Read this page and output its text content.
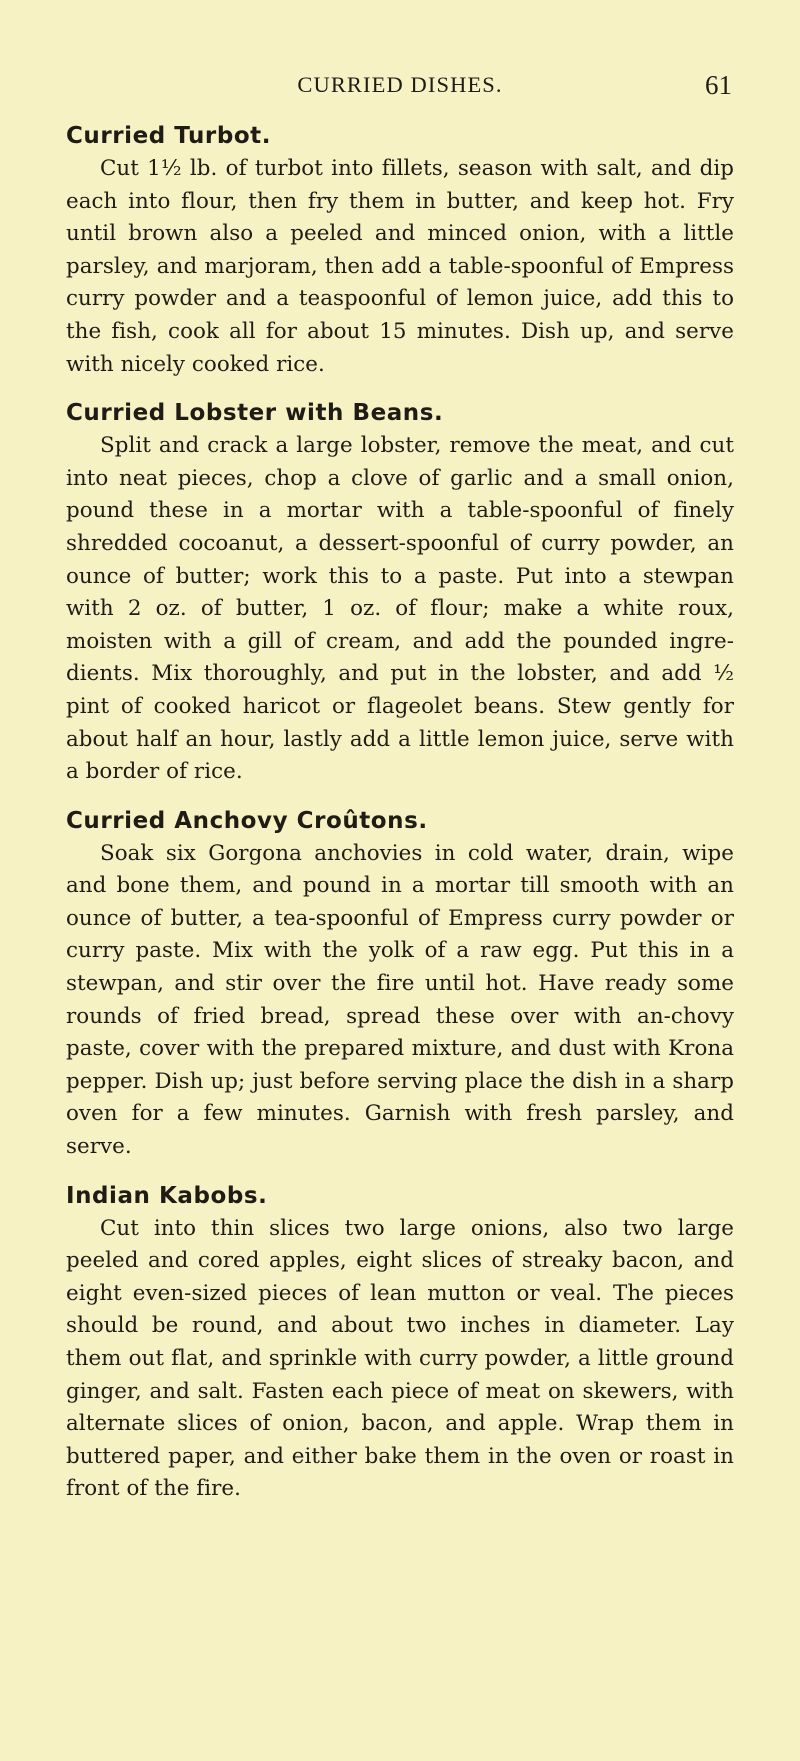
CURRIED DISHES.	61
Curried Turbot.

Cut 1½ lb. of turbot into fillets, season with salt, and dip each into flour, then fry them in butter, and keep hot. Fry until brown also a peeled and minced onion, with a little parsley, and marjoram, then add a table-spoonful of Empress curry powder and a teaspoonful of lemon juice, add this to the fish, cook all for about 15 minutes. Dish up, and serve with nicely cooked rice.

Curried Lobster with Beans.

Split and crack a large lobster, remove the meat, and cut into neat pieces, chop a clove of garlic and a small onion, pound these in a mortar with a table-spoonful of finely shredded cocoanut, a dessert-spoonful of curry powder, an ounce of butter; work this to a paste. Put into a stewpan with 2 oz. of butter, 1 oz. of flour; make a white roux, moisten with a gill of cream, and add the pounded ingre-dients. Mix thoroughly, and put in the lobster, and add ½ pint of cooked haricot or flageolet beans. Stew gently for about half an hour, lastly add a little lemon juice, serve with a border of rice.

Curried Anchovy Croûtons.

Soak six Gorgona anchovies in cold water, drain, wipe and bone them, and pound in a mortar till smooth with an ounce of butter, a tea-spoonful of Empress curry powder or curry paste. Mix with the yolk of a raw egg. Put this in a stewpan, and stir over the fire until hot. Have ready some rounds of fried bread, spread these over with an-chovy paste, cover with the prepared mixture, and dust with Krona pepper. Dish up; just before serving place the dish in a sharp oven for a few minutes. Garnish with fresh parsley, and serve.

Indian Kabobs.

Cut into thin slices two large onions, also two large peeled and cored apples, eight slices of streaky bacon, and eight even-sized pieces of lean mutton or veal. The pieces should be round, and about two inches in diameter. Lay them out flat, and sprinkle with curry powder, a little ground ginger, and salt. Fasten each piece of meat on skewers, with alternate slices of onion, bacon, and apple. Wrap them in buttered paper, and either bake them in the oven or roast in front of the fire.
